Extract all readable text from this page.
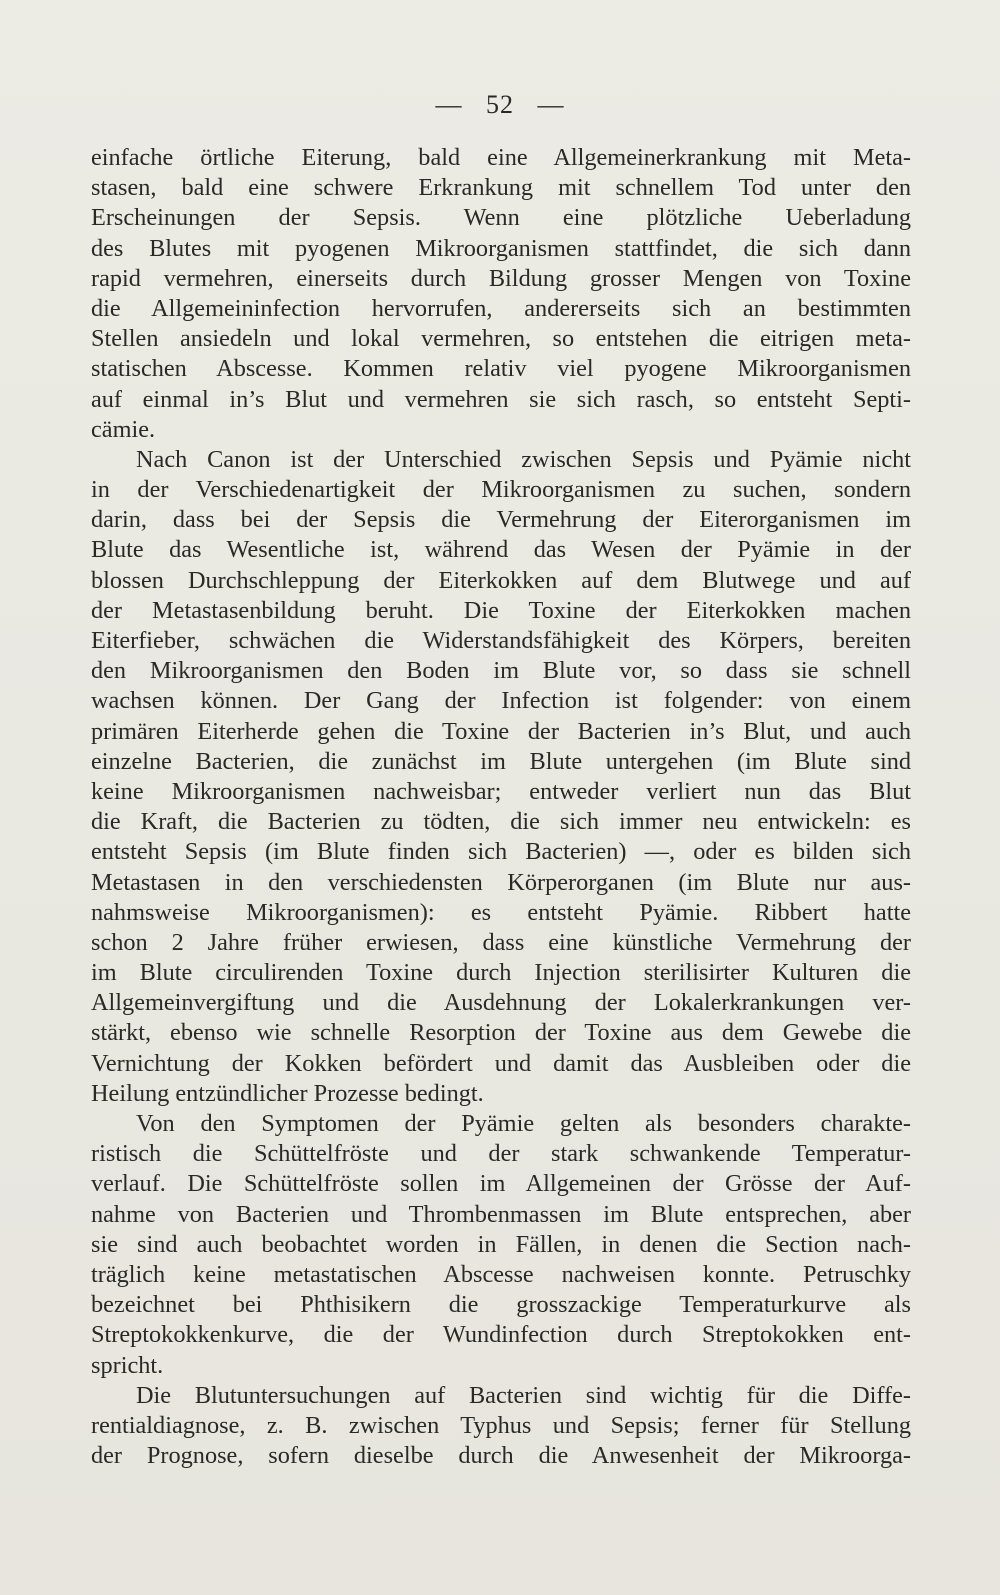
— 52 —
einfache örtliche Eiterung, bald eine Allgemeinerkrankung mit Meta-
stasen, bald eine schwere Erkrankung mit schnellem Tod unter den
Erscheinungen der Sepsis. Wenn eine plötzliche Ueberladung
des Blutes mit pyogenen Mikroorganismen stattfindet, die sich dann
rapid vermehren, einerseits durch Bildung grosser Mengen von Toxine
die Allgemeininfection hervorrufen, andererseits sich an bestimmten
Stellen ansiedeln und lokal vermehren, so entstehen die eitrigen meta-
statischen Abscesse. Kommen relativ viel pyogene Mikroorganismen
auf einmal in’s Blut und vermehren sie sich rasch, so entsteht Septi-
cämie.
Nach Canon ist der Unterschied zwischen Sepsis und Pyämie nicht
in der Verschiedenartigkeit der Mikroorganismen zu suchen, sondern
darin, dass bei der Sepsis die Vermehrung der Eiterorganismen im
Blute das Wesentliche ist, während das Wesen der Pyämie in der
blossen Durchschleppung der Eiterkokken auf dem Blutwege und auf
der Metastasenbildung beruht. Die Toxine der Eiterkokken machen
Eiterfieber, schwächen die Widerstandsfähigkeit des Körpers, bereiten
den Mikroorganismen den Boden im Blute vor, so dass sie schnell
wachsen können. Der Gang der Infection ist folgender: von einem
primären Eiterherde gehen die Toxine der Bacterien in’s Blut, und auch
einzelne Bacterien, die zunächst im Blute untergehen (im Blute sind
keine Mikroorganismen nachweisbar; entweder verliert nun das Blut
die Kraft, die Bacterien zu tödten, die sich immer neu entwickeln: es
entsteht Sepsis (im Blute finden sich Bacterien) —, oder es bilden sich
Metastasen in den verschiedensten Körperorganen (im Blute nur aus-
nahmsweise Mikroorganismen): es entsteht Pyämie. Ribbert hatte
schon 2 Jahre früher erwiesen, dass eine künstliche Vermehrung der
im Blute circulirenden Toxine durch Injection sterilisirter Kulturen die
Allgemeinvergiftung und die Ausdehnung der Lokalerkrankungen ver-
stärkt, ebenso wie schnelle Resorption der Toxine aus dem Gewebe die
Vernichtung der Kokken befördert und damit das Ausbleiben oder die
Heilung entzündlicher Prozesse bedingt.
Von den Symptomen der Pyämie gelten als besonders charakte-
ristisch die Schüttelfröste und der stark schwankende Temperatur-
verlauf. Die Schüttelfröste sollen im Allgemeinen der Grösse der Auf-
nahme von Bacterien und Thrombenmassen im Blute entsprechen, aber
sie sind auch beobachtet worden in Fällen, in denen die Section nach-
träglich keine metastatischen Abscesse nachweisen konnte. Petruschky
bezeichnet bei Phthisikern die grosszackige Temperaturkurve als
Streptokokkenkurve, die der Wundinfection durch Streptokokken ent-
spricht.
Die Blutuntersuchungen auf Bacterien sind wichtig für die Diffe-
rentialdiagnose, z. B. zwischen Typhus und Sepsis; ferner für Stellung
der Prognose, sofern dieselbe durch die Anwesenheit der Mikroorga-
